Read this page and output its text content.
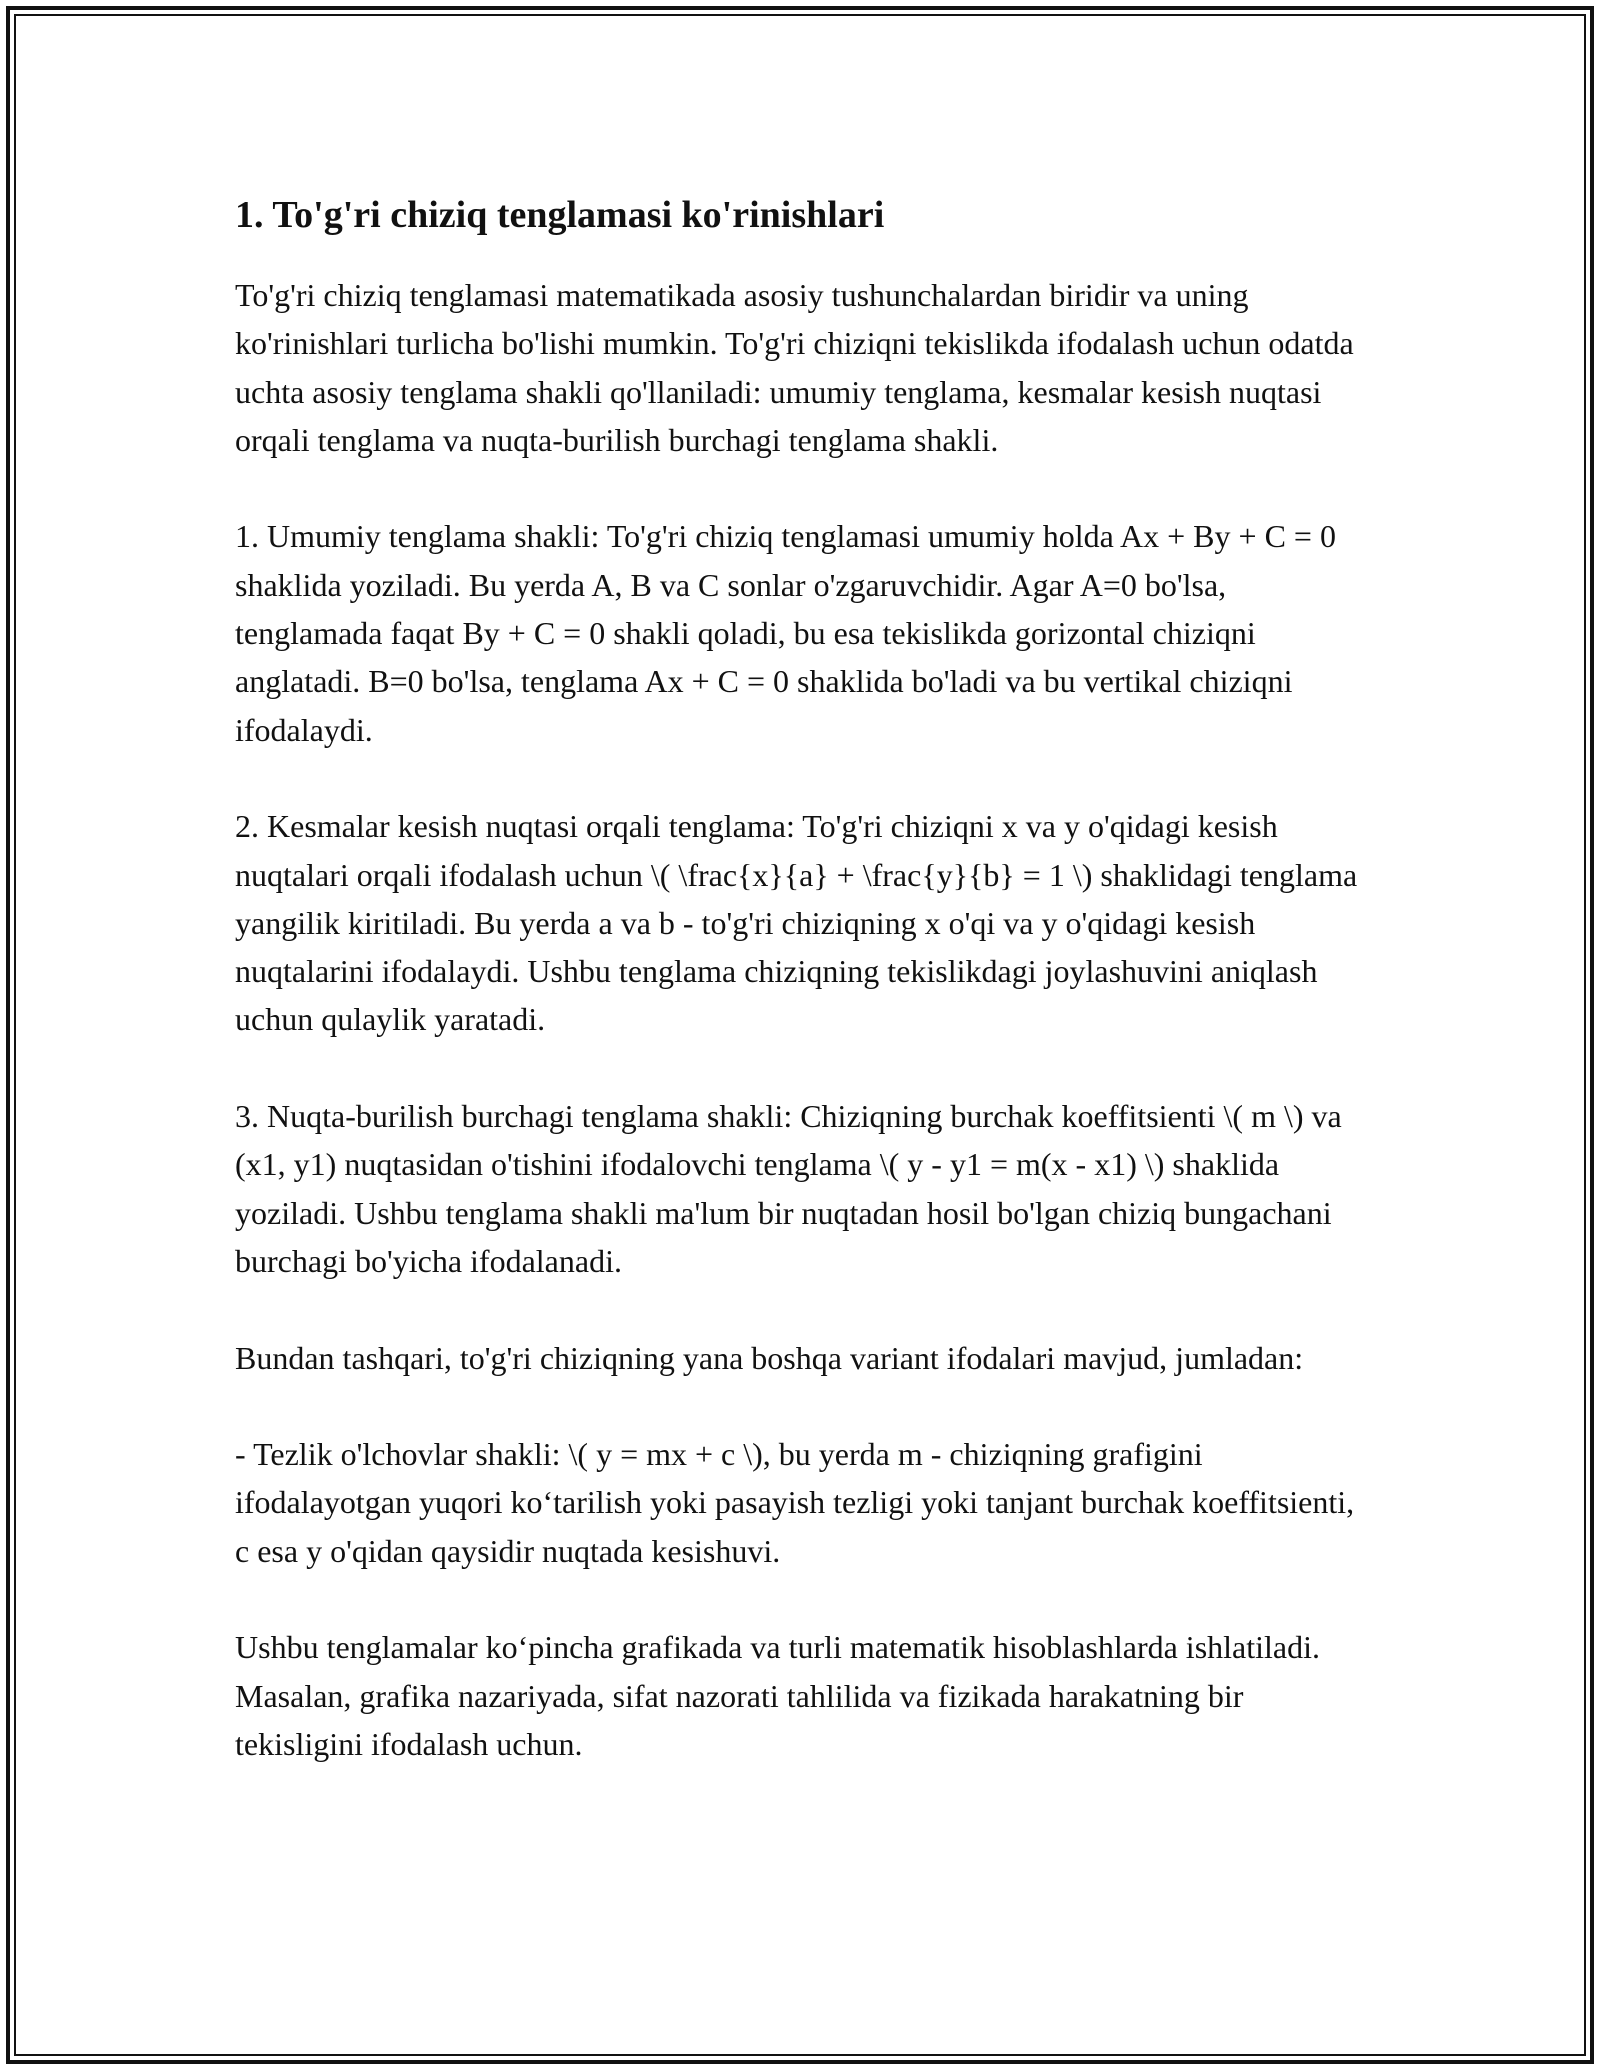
1. To'g'ri chiziq tenglamasi ko'rinishlari

To'g'ri chiziq tenglamasi matematikada asosiy tushunchalardan biridir va uning ko'rinishlari turlicha bo'lishi mumkin. To'g'ri chiziqni tekislikda ifodalash uchun odatda uchta asosiy tenglama shakli qo'llaniladi: umumiy tenglama, kesmalar kesish nuqtasi orqali tenglama va nuqta-burilish burchagi tenglama shakli.

1. Umumiy tenglama shakli: To'g'ri chiziq tenglamasi umumiy holda Ax + By + C = 0 shaklida yoziladi. Bu yerda A, B va C sonlar o'zgaruvchidir. Agar A=0 bo'lsa, tenglamada faqat By + C = 0 shakli qoladi, bu esa tekislikda gorizontal chiziqni anglatadi. B=0 bo'lsa, tenglama Ax + C = 0 shaklida bo'ladi va bu vertikal chiziqni ifodalaydi.

2. Kesmalar kesish nuqtasi orqali tenglama: To'g'ri chiziqni x va y o'qidagi kesish nuqtalari orqali ifodalash uchun \( \frac{x}{a} + \frac{y}{b} = 1 \) shaklidagi tenglama yangilik kiritiladi. Bu yerda a va b - to'g'ri chiziqning x o'qi va y o'qidagi kesish nuqtalarini ifodalaydi. Ushbu tenglama chiziqning tekislikdagi joylashuvini aniqlash uchun qulaylik yaratadi.

3. Nuqta-burilish burchagi tenglama shakli: Chiziqning burchak koeffitsienti \( m \) va (x1, y1) nuqtasidan o'tishini ifodalovchi tenglama \( y - y1 = m(x - x1) \) shaklida yoziladi. Ushbu tenglama shakli ma'lum bir nuqtadan hosil bo'lgan chiziq bungachani burchagi bo'yicha ifodalanadi.

Bundan tashqari, to'g'ri chiziqning yana boshqa variant ifodalari mavjud, jumladan:

- Tezlik o'lchovlar shakli: \( y = mx + c \), bu yerda m - chiziqning grafigini ifodalayotgan yuqori ko‘tarilish yoki pasayish tezligi yoki tanjant burchak koeffitsienti, c esa y o'qidan qaysidir nuqtada kesishuvi.

Ushbu tenglamalar ko‘pincha grafikada va turli matematik hisoblashlarda ishlatiladi. Masalan, grafika nazariyada, sifat nazorati tahlilida va fizikada harakatning bir tekisligini ifodalash uchun.
